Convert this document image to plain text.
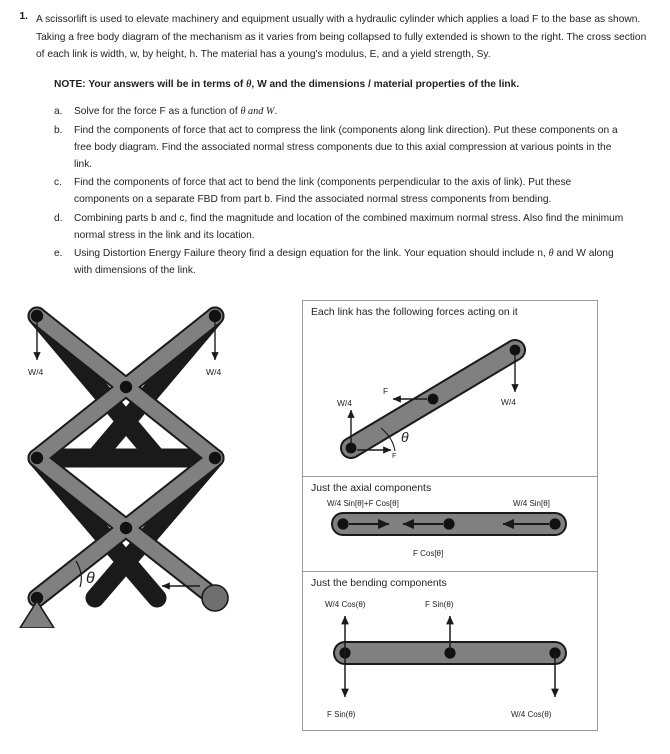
1. A scissorlift is used to elevate machinery and equipment usually with a hydraulic cylinder which applies a load F to the base as shown. Taking a free body diagram of the mechanism as it varies from being collapsed to fully extended is shown to the right. The cross section of each link is width, w, by height, h. The material has a young's modulus, E, and a yield strength, Sy.

NOTE: Your answers will be in terms of θ, W and the dimensions / material properties of the link.
a.	Solve for the force F as a function of θ and W.
b.	Find the components of force that act to compress the link (components along link direction). Put these components on a free body diagram. Find the associated normal stress components due to this axial compression at various points in the link.
c.	Find the components of force that act to bend the link (components perpendicular to the axis of link). Put these components on a separate FBD from part b. Find the associated normal stress components from bending.
d.	Combining parts b and c, find the magnitude and location of the combined maximum normal stress. Also find the minimum normal stress in the link and its location.
e.	Using Distortion Energy Failure theory find a design equation for the link. Your equation should include n, θ and W along with dimensions of the link.
W/4	W/4
θ	F
Each link has the following forces acting on it
W/4
F
W/4
θ
F
Just the axial components
W/4 Sin[θ]+F Cos[θ]	W/4 Sin[θ]
F Cos[θ]
Just the bending components
W/4 Cos(θ)	F Sin(θ)
F Sin(θ)	W/4 Cos(θ)
